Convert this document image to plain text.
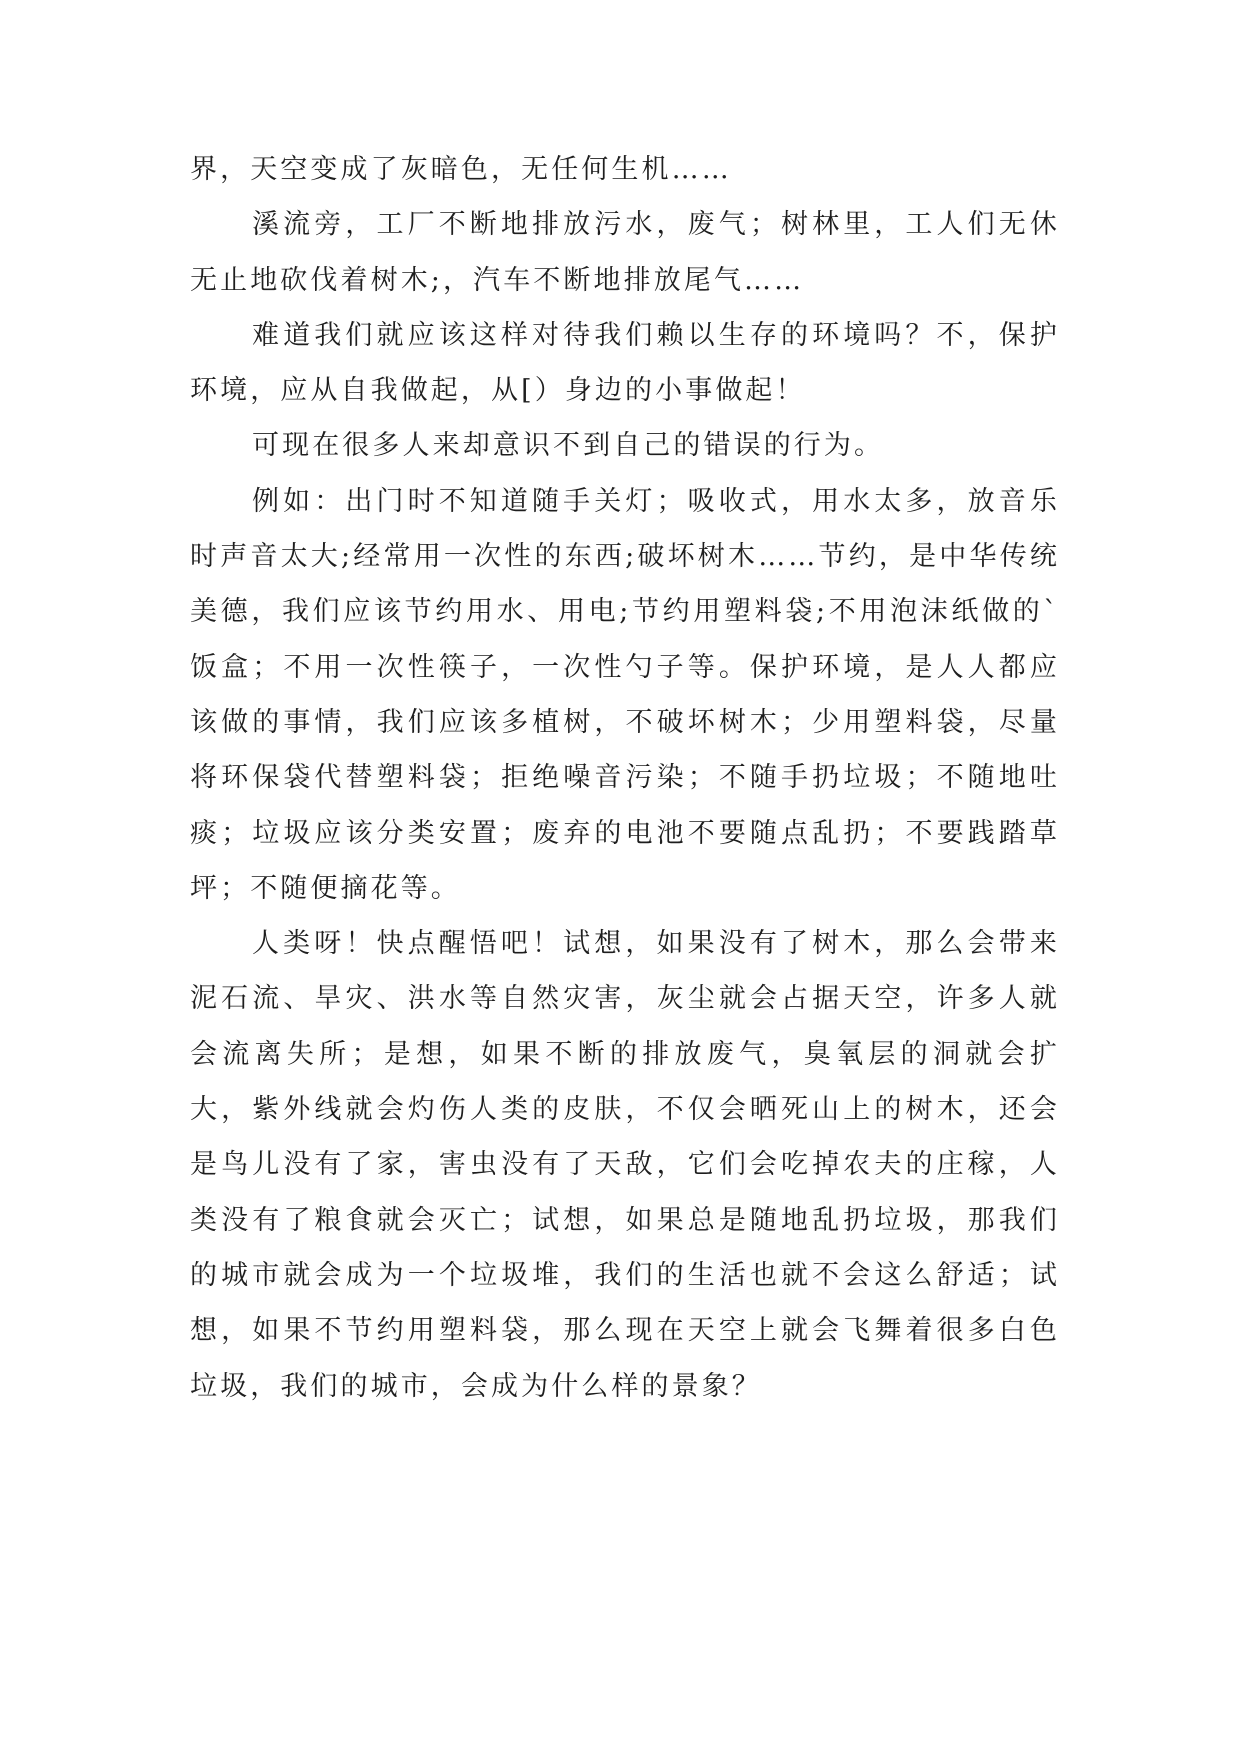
界，天空变成了灰暗色，无任何生机……

溪流旁，工厂不断地排放污水，废气；树林里，工人们无休无止地砍伐着树木;，汽车不断地排放尾气……

难道我们就应该这样对待我们赖以生存的环境吗？不，保护环境，应从自我做起，从[）身边的小事做起！

可现在很多人来却意识不到自己的错误的行为。

例如：出门时不知道随手关灯；吸收式，用水太多，放音乐时声音太大;经常用一次性的东西;破坏树木……节约，是中华传统美德，我们应该节约用水、用电;节约用塑料袋;不用泡沫纸做的`饭盒；不用一次性筷子，一次性勺子等。保护环境，是人人都应该做的事情，我们应该多植树，不破坏树木；少用塑料袋，尽量将环保袋代替塑料袋；拒绝噪音污染；不随手扔垃圾；不随地吐痰；垃圾应该分类安置；废弃的电池不要随点乱扔；不要践踏草坪；不随便摘花等。

人类呀！快点醒悟吧！试想，如果没有了树木，那么会带来泥石流、旱灾、洪水等自然灾害，灰尘就会占据天空，许多人就会流离失所；是想，如果不断的排放废气，臭氧层的洞就会扩大，紫外线就会灼伤人类的皮肤，不仅会晒死山上的树木，还会是鸟儿没有了家，害虫没有了天敌，它们会吃掉农夫的庄稼，人类没有了粮食就会灭亡；试想，如果总是随地乱扔垃圾，那我们的城市就会成为一个垃圾堆，我们的生活也就不会这么舒适；试想，如果不节约用塑料袋，那么现在天空上就会飞舞着很多白色垃圾，我们的城市，会成为什么样的景象？
